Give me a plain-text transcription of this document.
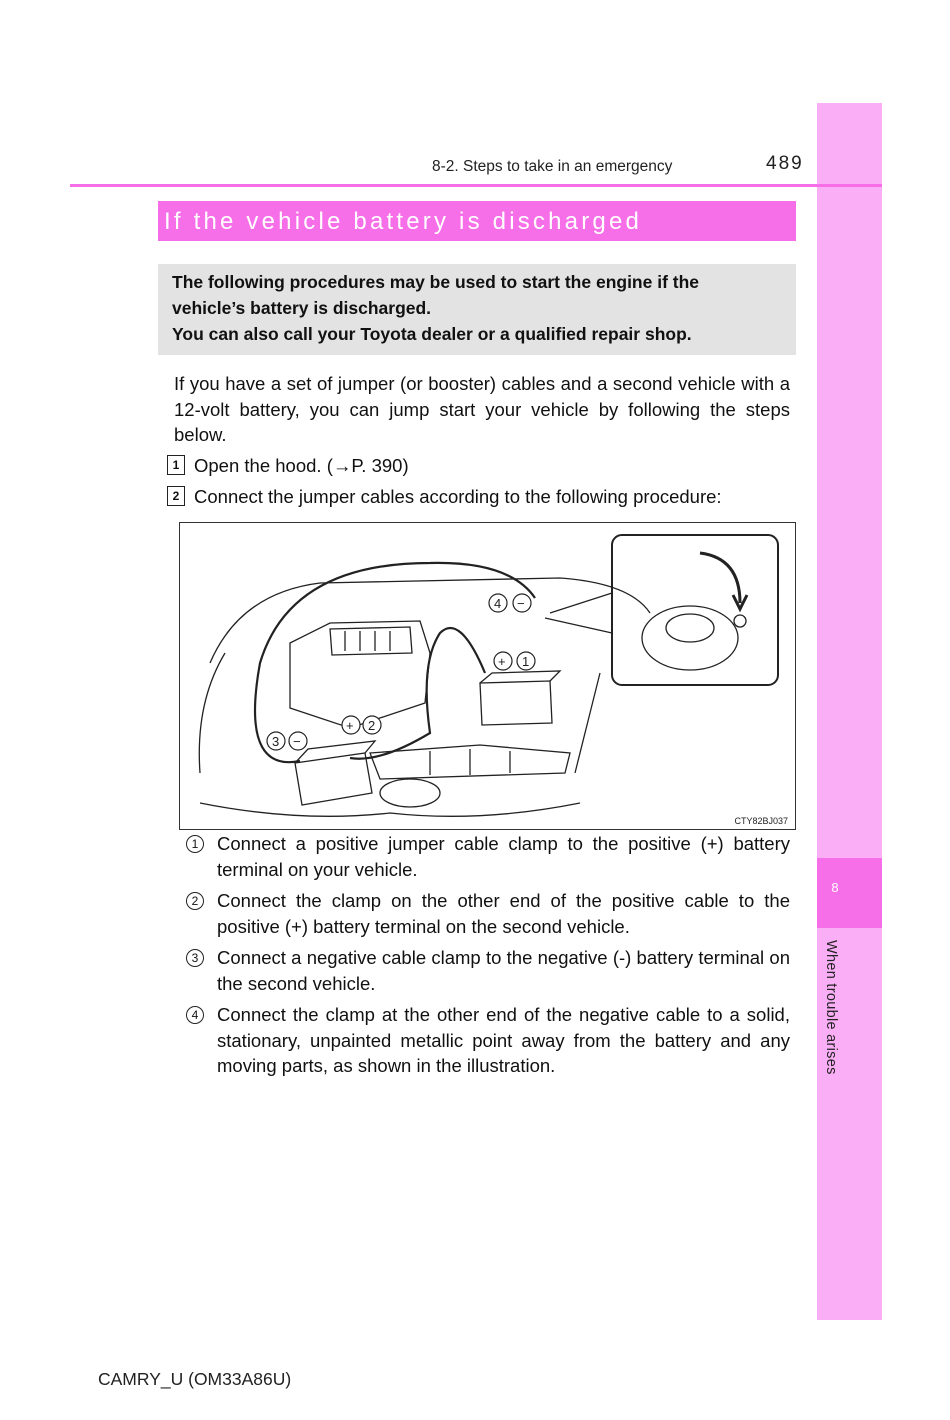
8
When trouble arises
8-2. Steps to take in an emergency	489
If the vehicle battery is discharged

The following procedures may be used to start the engine if the

vehicle’s battery is discharged.

You can also call your Toyota dealer or a qualified repair shop.

If you have a set of jumper (or booster) cables and a second vehicle with a 12-volt battery, you can jump start your vehicle by following the steps below.
1 Open the hood. (→P. 390)
2 Connect the jumper cables according to the following procedure:
4 −
+ 1
+ 2
3 −
CTY82BJ037
1	Connect a positive jumper cable clamp to the positive (+) battery terminal on your vehicle.
2	Connect the clamp on the other end of the positive cable to the positive (+) battery terminal on the second vehicle.
3	Connect a negative cable clamp to the negative (-) battery terminal on the second vehicle.
4	Connect the clamp at the other end of the negative cable to a solid, stationary, unpainted metallic point away from the battery and any moving parts, as shown in the illustration.
CAMRY_U (OM33A86U)
